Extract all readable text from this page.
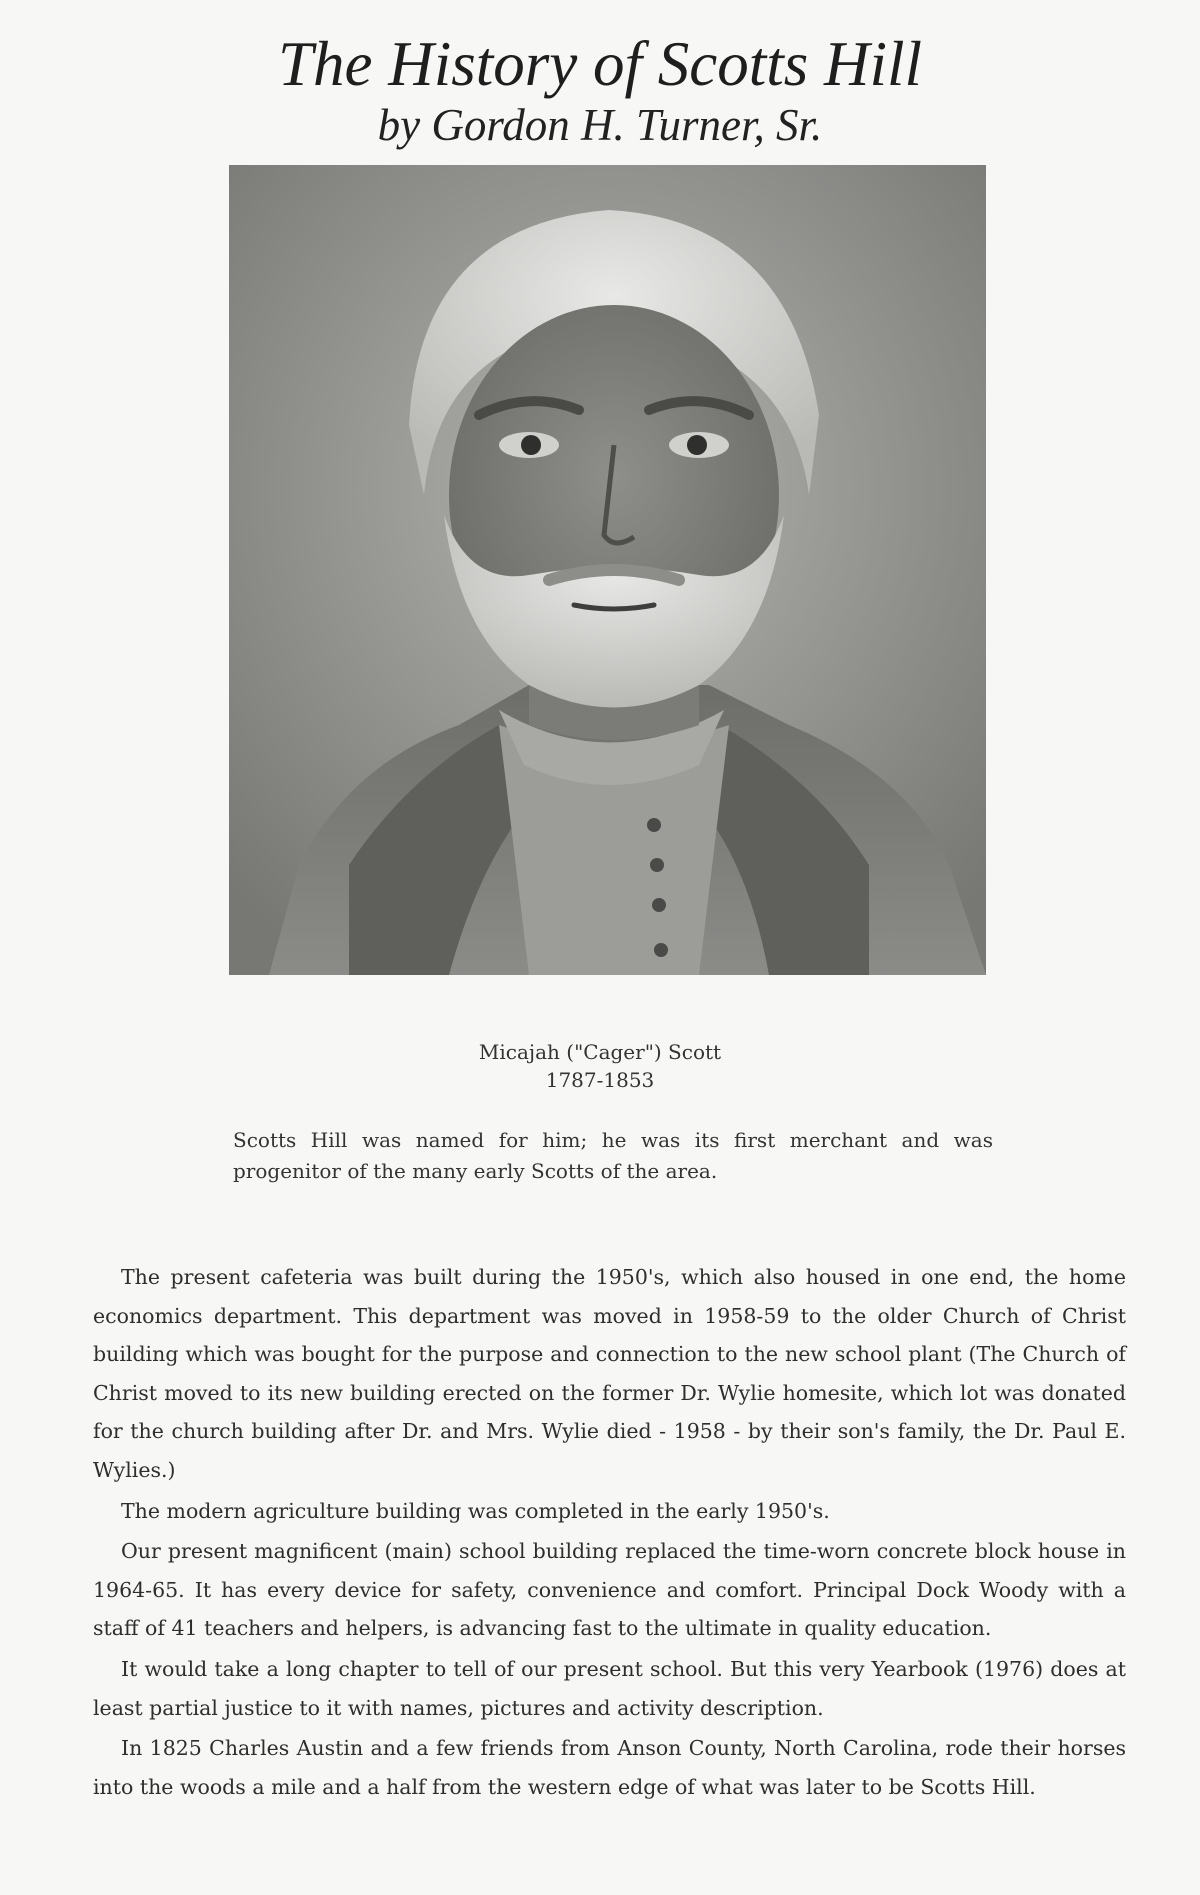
The History of Scotts Hill
by Gordon H. Turner, Sr.
Micajah ("Cager") Scott
1787-1853
Scotts Hill was named for him; he was its first merchant and was progenitor of the many early Scotts of the area.

The present cafeteria was built during the 1950's, which also housed in one end, the home economics department. This department was moved in 1958-59 to the older Church of Christ building which was bought for the purpose and connection to the new school plant (The Church of Christ moved to its new building erected on the former Dr. Wylie homesite, which lot was donated for the church building after Dr. and Mrs. Wylie died - 1958 - by their son's family, the Dr. Paul E. Wylies.)

The modern agriculture building was completed in the early 1950's.

Our present magnificent (main) school building replaced the time-worn concrete block house in 1964-65. It has every device for safety, convenience and comfort. Principal Dock Woody with a staff of 41 teachers and helpers, is advancing fast to the ultimate in quality education.

It would take a long chapter to tell of our present school. But this very Yearbook (1976) does at least partial justice to it with names, pictures and activity description.

In 1825 Charles Austin and a few friends from Anson County, North Carolina, rode their horses into the woods a mile and a half from the western edge of what was later to be Scotts Hill.
